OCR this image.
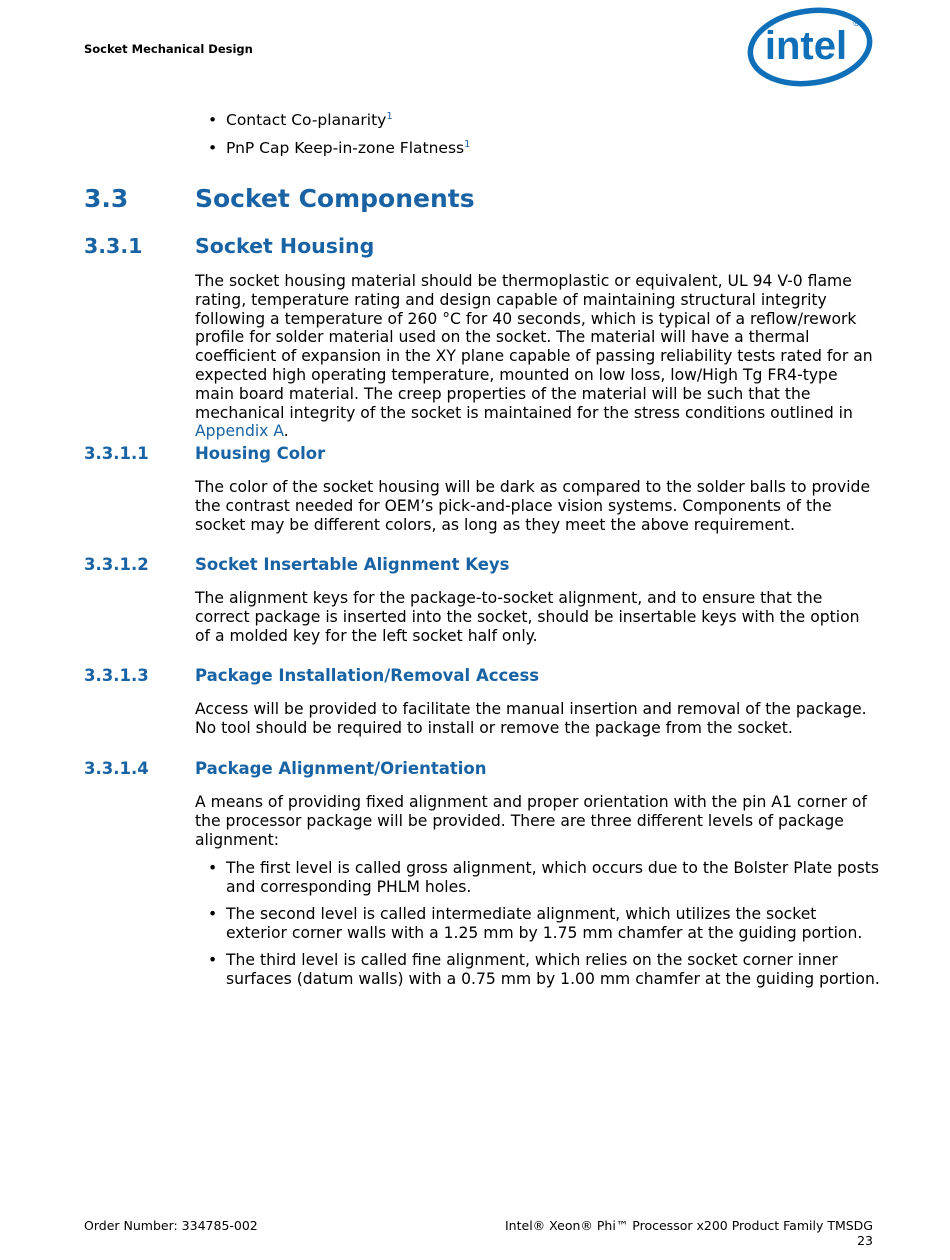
Socket Mechanical Design	intel
®
• Contact Co-planarity$^1$
• PnP Cap Keep-in-zone Flatness$^1$
3.3	Socket Components
3.3.1	Socket Housing

The socket housing material should be thermoplastic or equivalent, UL 94 V-0 flame rating, temperature rating and design capable of maintaining structural integrity following a temperature of 260 °C for 40 seconds, which is typical of a reflow/rework profile for solder material used on the socket. The material will have a thermal coefficient of expansion in the XY plane capable of passing reliability tests rated for an expected high operating temperature, mounted on low loss, low/High Tg FR4-type main board material. The creep properties of the material will be such that the mechanical integrity of the socket is maintained for the stress conditions outlined in Appendix A.

3.3.1.1	Housing Color

The color of the socket housing will be dark as compared to the solder balls to provide the contrast needed for OEM’s pick-and-place vision systems. Components of the socket may be different colors, as long as they meet the above requirement.

3.3.1.2	Socket Insertable Alignment Keys

The alignment keys for the package-to-socket alignment, and to ensure that the correct package is inserted into the socket, should be insertable keys with the option of a molded key for the left socket half only.

3.3.1.3	Package Installation/Removal Access

Access will be provided to facilitate the manual insertion and removal of the package. No tool should be required to install or remove the package from the socket.

3.3.1.4	Package Alignment/Orientation

A means of providing fixed alignment and proper orientation with the pin A1 corner of the processor package will be provided. There are three different levels of package alignment:

• The first level is called gross alignment, which occurs due to the Bolster Plate posts and corresponding PHLM holes.
• The second level is called intermediate alignment, which utilizes the socket exterior corner walls with a 1.25 mm by 1.75 mm chamfer at the guiding portion.
• The third level is called fine alignment, which relies on the socket corner inner surfaces (datum walls) with a 0.75 mm by 1.00 mm chamfer at the guiding portion.
Order Number: 334785-002	Intel® Xeon® Phi™ Processor x200 Product Family TMSDG
23
